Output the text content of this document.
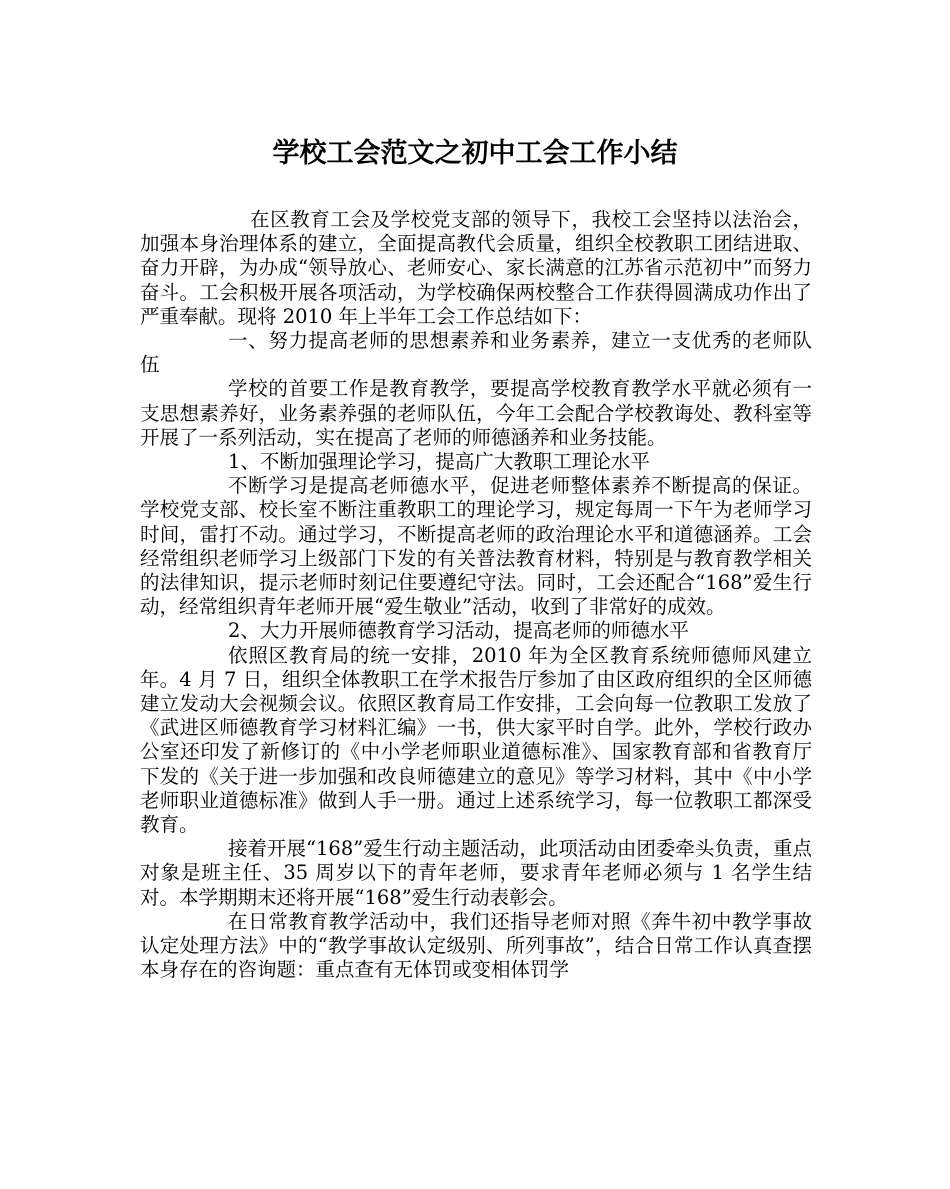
学校工会范文之初中工会工作小结

在区教育工会及学校党支部的领导下，我校工会坚持以法治会，加强本身治理体系的建立，全面提高教代会质量，组织全校教职工团结进取、奋力开辟，为办成“领导放心、老师安心、家长满意的江苏省示范初中”而努力奋斗。工会积极开展各项活动，为学校确保两校整合工作获得圆满成功作出了严重奉献。现将 2010 年上半年工会工作总结如下：

一、努力提高老师的思想素养和业务素养，建立一支优秀的老师队伍

学校的首要工作是教育教学，要提高学校教育教学水平就必须有一支思想素养好，业务素养强的老师队伍，今年工会配合学校教诲处、教科室等开展了一系列活动，实在提高了老师的师德涵养和业务技能。

1、不断加强理论学习，提高广大教职工理论水平

不断学习是提高老师德水平，促进老师整体素养不断提高的保证。学校党支部、校长室不断注重教职工的理论学习，规定每周一下午为老师学习时间，雷打不动。通过学习，不断提高老师的政治理论水平和道德涵养。工会经常组织老师学习上级部门下发的有关普法教育材料，特别是与教育教学相关的法律知识，提示老师时刻记住要遵纪守法。同时，工会还配合“168”爱生行动，经常组织青年老师开展“爱生敬业”活动，收到了非常好的成效。

2、大力开展师德教育学习活动，提高老师的师德水平

依照区教育局的统一安排，2010 年为全区教育系统师德师风建立年。4 月 7 日，组织全体教职工在学术报告厅参加了由区政府组织的全区师德建立发动大会视频会议。依照区教育局工作安排，工会向每一位教职工发放了《武进区师德教育学习材料汇编》一书，供大家平时自学。此外，学校行政办公室还印发了新修订的《中小学老师职业道德标准》、国家教育部和省教育厅下发的《关于进一步加强和改良师德建立的意见》等学习材料，其中《中小学老师职业道德标准》做到人手一册。通过上述系统学习，每一位教职工都深受教育。

接着开展“168”爱生行动主题活动，此项活动由团委牵头负责，重点对象是班主任、35 周岁以下的青年老师，要求青年老师必须与 1 名学生结对。本学期期末还将开展“168”爱生行动表彰会。

在日常教育教学活动中，我们还指导老师对照《奔牛初中教学事故认定处理方法》中的“教学事故认定级别、所列事故”，结合日常工作认真查摆本身存在的咨询题：重点查有无体罚或变相体罚学
